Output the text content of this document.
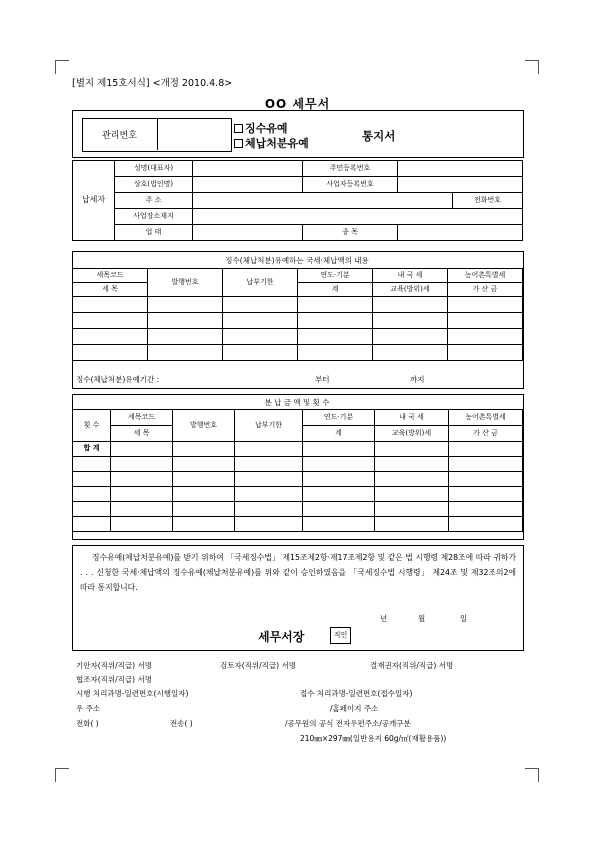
[별지 제15호서식] <개정 2010.4.8>
OO 세무서
관리번호
징수유예
체납처분유예
통지서
납세자	성명(대표자)		주민등록번호		
	상호(법인명)		사업자등록번호		
	주 소				전화번호
	사업장소재지				
	업 태		종 목		
징수(체납처분)유예하는 국세·체납액의 내용
세목코드	발행번호	납부기한	연도·기분	내 국 세	농어촌특별세
세 목			계	교육(방위)세	가 산 금

징수(체납처분)유예기간 :	부터	까지
분 납 금 액 및 횟 수
횟 수	세목코드	발행번호	납부기한	연도·기분	내 국 세	농어촌특별세
	세 목			계	교육(방위)세	가 산 금
합 계						

징수유예(체납처분유예)를 받기 위하여 「국세징수법」 제15조제2항·제17조제2항 및 같은 법 시행령 제28조에 따라 귀하가 . . . 신청한 국세·체납액의 징수유예(체납처분유예)를 위와 같이 승인하였음을 「국세징수법 시행령」 제24조 및 제32조의2에 따라 통지합니다.
년	월	일
세무서장	직인
기안자(직위/직급) 서명	검토자(직위/직급) 서명	결재권자(직위/직급) 서명
협조자(직위/직급) 서명
시행 처리과명-일련번호(시행일자)	접수 처리과명-일련번호(접수일자)
우 주소	/홈페이지 주소
전화( )	전송( )	/공무원의 공식 전자우편주소/공개구분
210㎜×297㎜(일반용지 60g/㎡(재활용품))
